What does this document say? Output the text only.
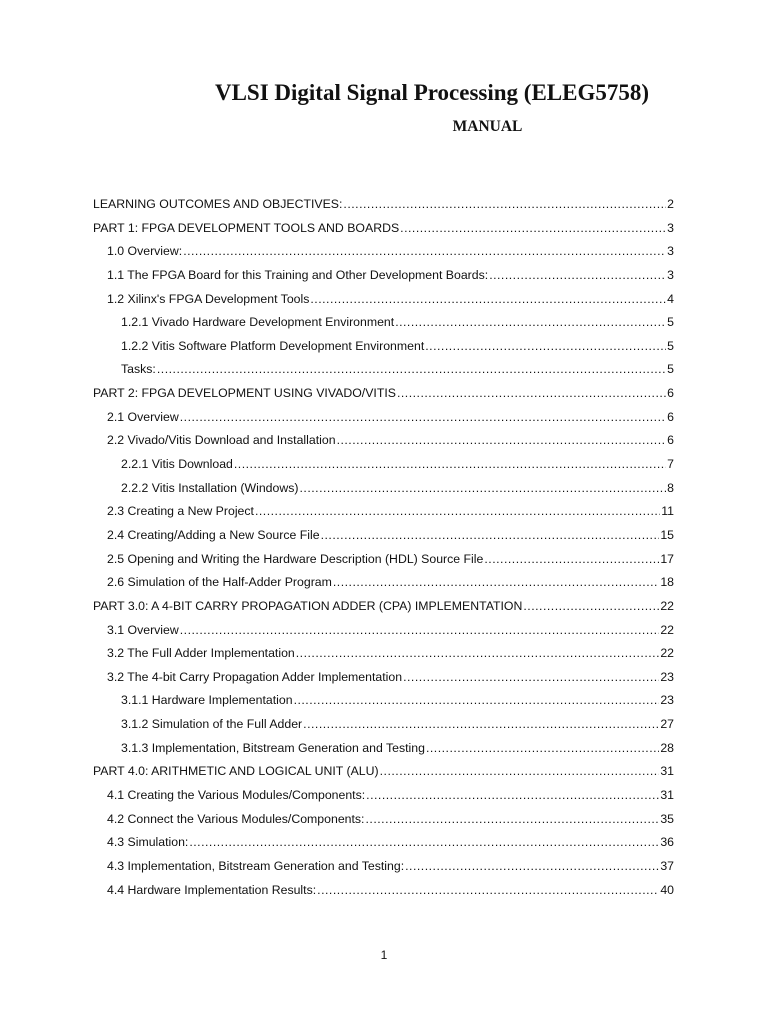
VLSI Digital Signal Processing (ELEG5758)
MANUAL
LEARNING OUTCOMES AND OBJECTIVES: .....	2
PART 1: FPGA DEVELOPMENT TOOLS AND BOARDS .....	3
1.0 Overview: .....	3
1.1 The FPGA Board for this Training and Other Development Boards: .....	3
1.2 Xilinx's FPGA Development Tools .....	4
1.2.1 Vivado Hardware Development Environment .....	5
1.2.2 Vitis Software Platform Development Environment .....	5
Tasks: .....	5
PART 2: FPGA DEVELOPMENT USING VIVADO/VITIS .....	6
2.1 Overview .....	6
2.2 Vivado/Vitis Download and Installation .....	6
2.2.1 Vitis Download .....	7
2.2.2 Vitis Installation (Windows) .....	8
2.3 Creating a New Project .....	11
2.4 Creating/Adding a New Source File .....	15
2.5 Opening and Writing the Hardware Description (HDL) Source File .....	17
2.6 Simulation of the Half-Adder Program .....	18
PART 3.0: A 4-BIT CARRY PROPAGATION ADDER (CPA) IMPLEMENTATION .....	22
3.1 Overview .....	22
3.2 The Full Adder Implementation .....	22
3.2 The 4-bit Carry Propagation Adder Implementation .....	23
3.1.1 Hardware Implementation .....	23
3.1.2 Simulation of the Full Adder .....	27
3.1.3 Implementation, Bitstream Generation and Testing .....	28
PART 4.0: ARITHMETIC AND LOGICAL UNIT (ALU) .....	31
4.1 Creating the Various Modules/Components: .....	31
4.2 Connect the Various Modules/Components: .....	35
4.3 Simulation: .....	36
4.3 Implementation, Bitstream Generation and Testing: .....	37
4.4 Hardware Implementation Results: .....	40

1
